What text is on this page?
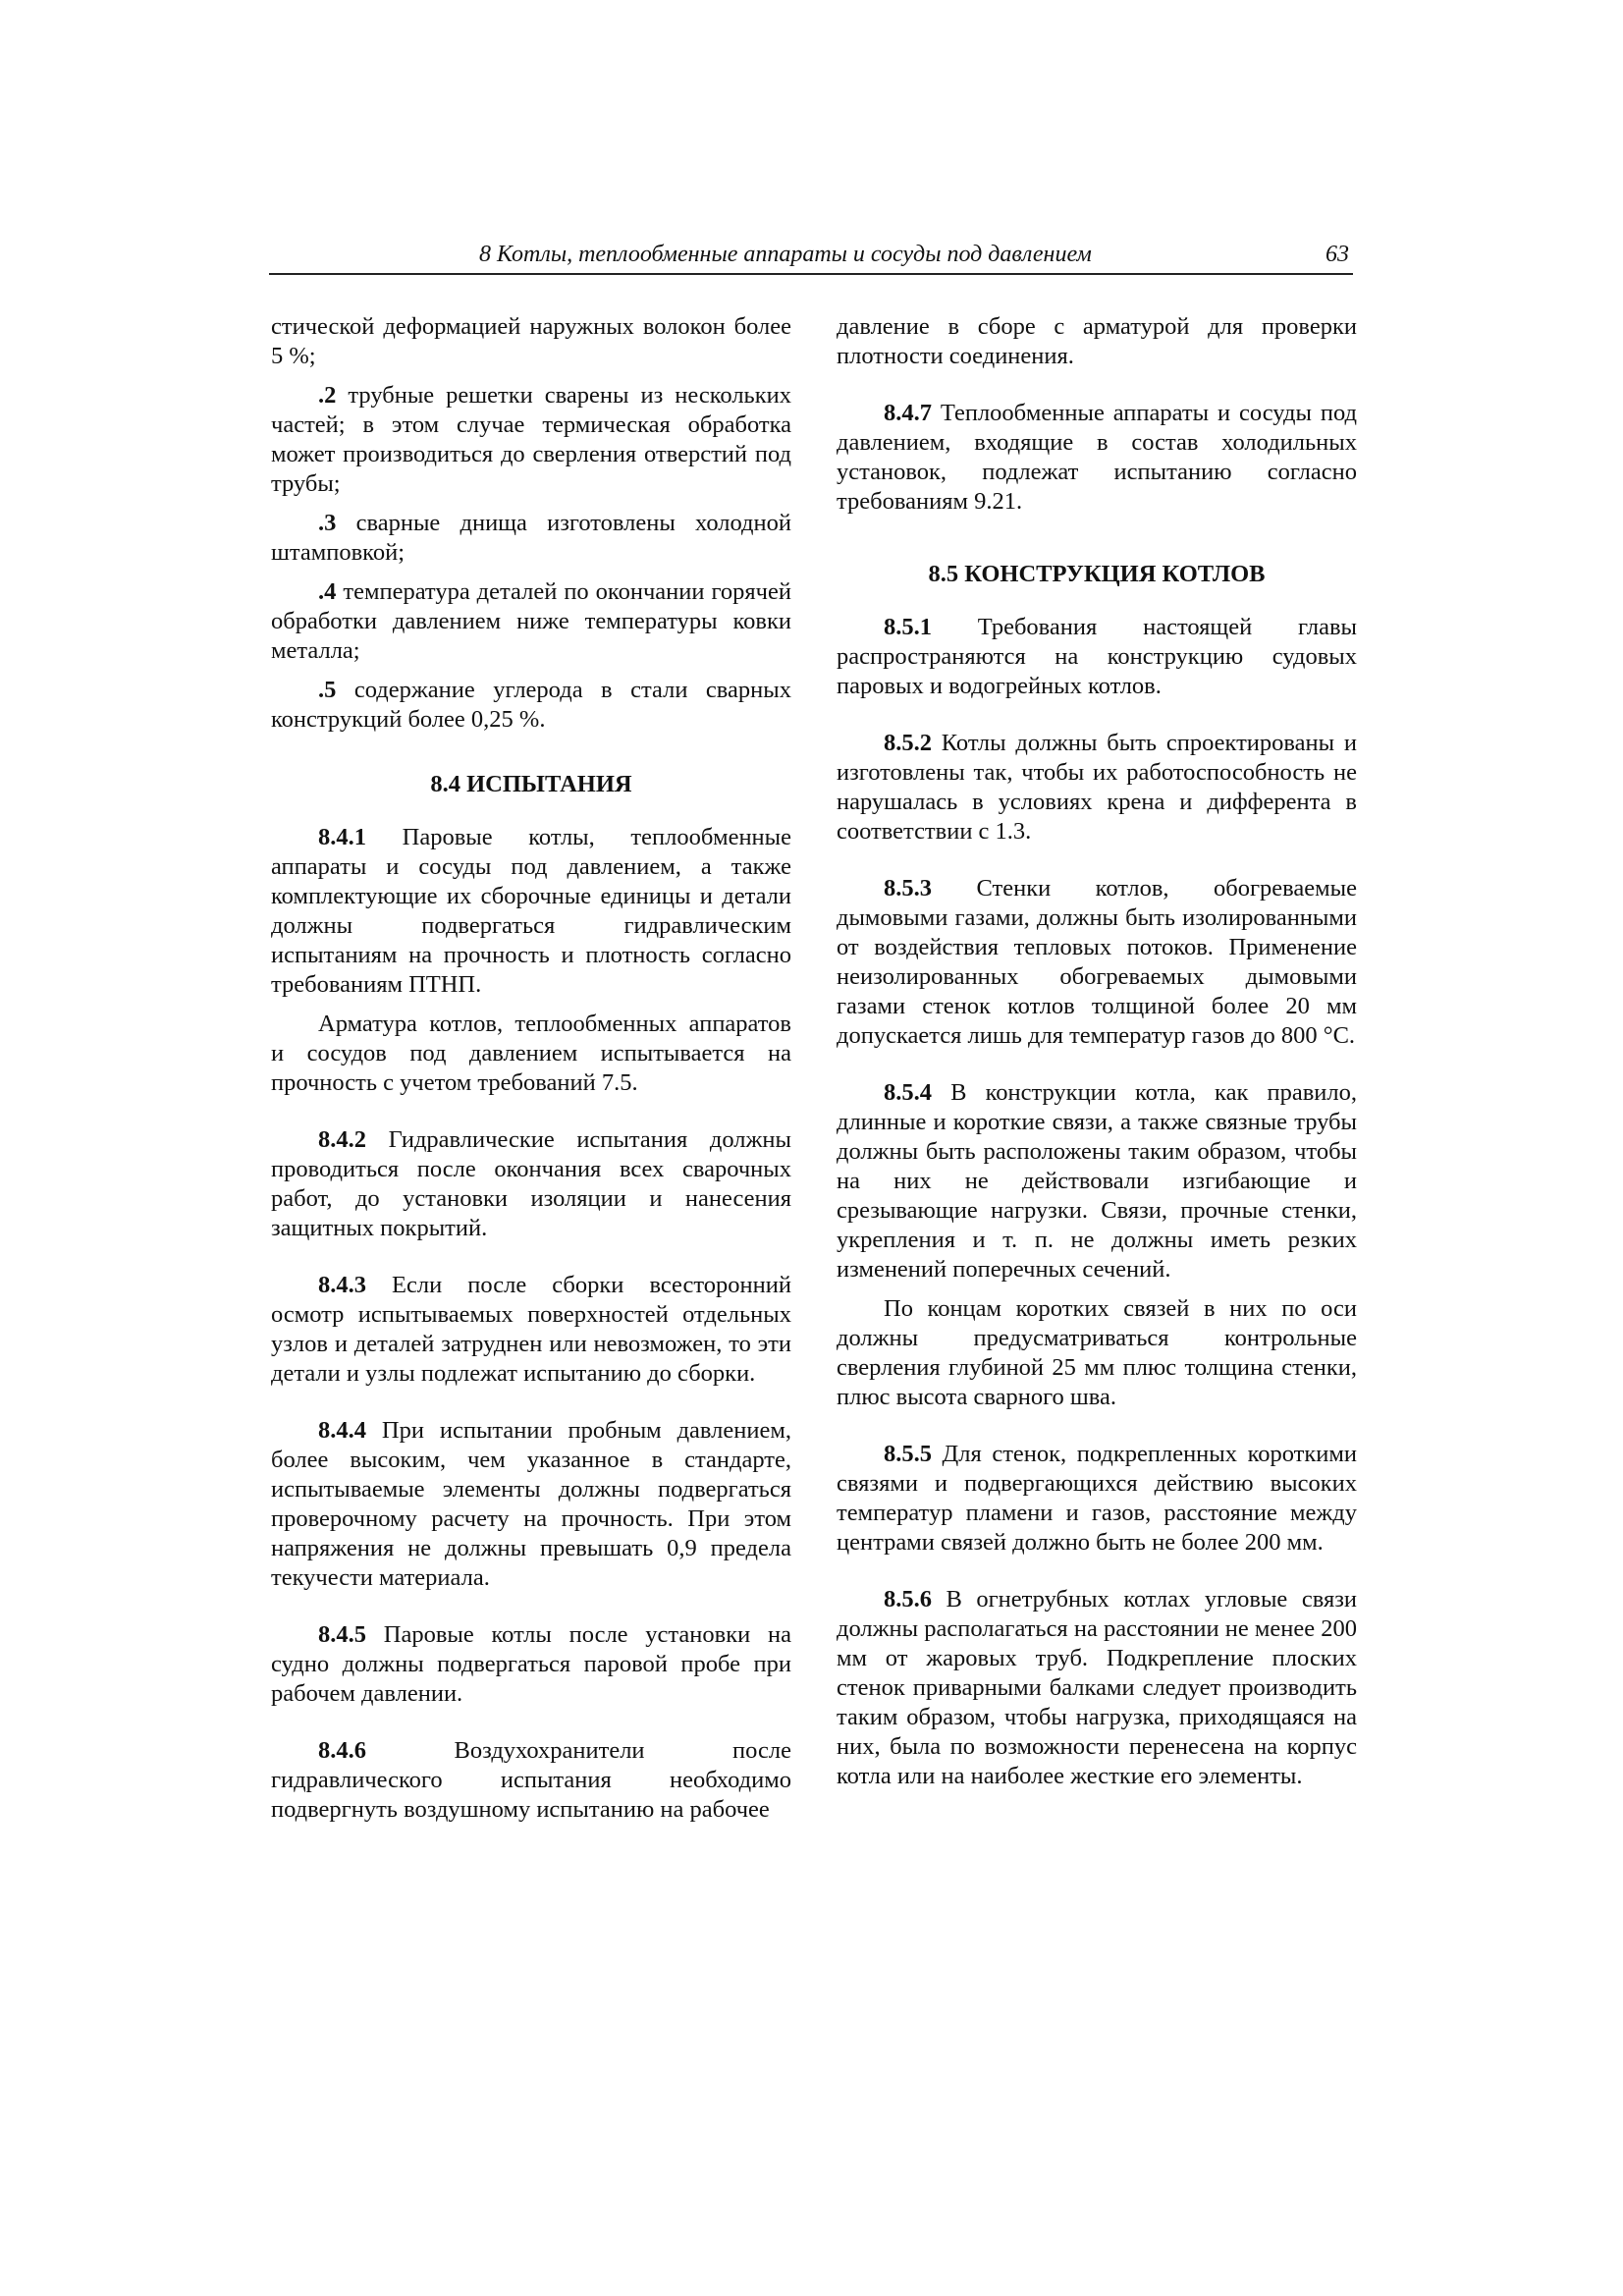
8 Котлы, теплообменные аппараты и сосуды под давлением	63

стической деформацией наружных волокон более 5 %;

.2 трубные решетки сварены из нескольких частей; в этом случае термическая обработка может производиться до сверления отверстий под трубы;

.3 сварные днища изготовлены холодной штамповкой;

.4 температура деталей по окончании горячей обработки давлением ниже температуры ковки металла;

.5 содержание углерода в стали сварных конструкций более 0,25 %.

8.4 ИСПЫТАНИЯ

8.4.1 Паровые котлы, теплообменные аппараты и сосуды под давлением, а также комплектующие их сборочные единицы и детали должны подвергаться гидравлическим испытаниям на прочность и плотность согласно требованиям ПТНП.

Арматура котлов, теплообменных аппаратов и сосудов под давлением испытывается на прочность с учетом требований 7.5.

8.4.2 Гидравлические испытания должны проводиться после окончания всех сварочных работ, до установки изоляции и нанесения защитных покрытий.

8.4.3 Если после сборки всесторонний осмотр испытываемых поверхностей отдельных узлов и деталей затруднен или невозможен, то эти детали и узлы подлежат испытанию до сборки.

8.4.4 При испытании пробным давлением, более высоким, чем указанное в стандарте, испытываемые элементы должны подвергаться проверочному расчету на прочность. При этом напряжения не должны превышать 0,9 предела текучести материала.

8.4.5 Паровые котлы после установки на судно должны подвергаться паровой пробе при рабочем давлении.

8.4.6 Воздухохранители после гидравлического испытания необходимо подвергнуть воздушному испытанию на рабочее

давление в сборе с арматурой для проверки плотности соединения.

8.4.7 Теплообменные аппараты и сосуды под давлением, входящие в состав холодильных установок, подлежат испытанию согласно требованиям 9.21.

8.5 КОНСТРУКЦИЯ КОТЛОВ

8.5.1 Требования настоящей главы распространяются на конструкцию судовых паровых и водогрейных котлов.

8.5.2 Котлы должны быть спроектированы и изготовлены так, чтобы их работоспособность не нарушалась в условиях крена и дифферента в соответствии с 1.3.

8.5.3 Стенки котлов, обогреваемые дымовыми газами, должны быть изолированными от воздействия тепловых потоков. Применение неизолированных обогреваемых дымовыми газами стенок котлов толщиной более 20 мм допускается лишь для температур газов до 800 °С.

8.5.4 В конструкции котла, как правило, длинные и короткие связи, а также связные трубы должны быть расположены таким образом, чтобы на них не действовали изгибающие и срезывающие нагрузки. Связи, прочные стенки, укрепления и т. п. не должны иметь резких изменений поперечных сечений.

По концам коротких связей в них по оси должны предусматриваться контрольные сверления глубиной 25 мм плюс толщина стенки, плюс высота сварного шва.

8.5.5 Для стенок, подкрепленных короткими связями и подвергающихся действию высоких температур пламени и газов, расстояние между центрами связей должно быть не более 200 мм.

8.5.6 В огнетрубных котлах угловые связи должны располагаться на расстоянии не менее 200 мм от жаровых труб. Подкрепление плоских стенок приварными балками следует производить таким образом, чтобы нагрузка, приходящаяся на них, была по возможности перенесена на корпус котла или на наиболее жесткие его элементы.
